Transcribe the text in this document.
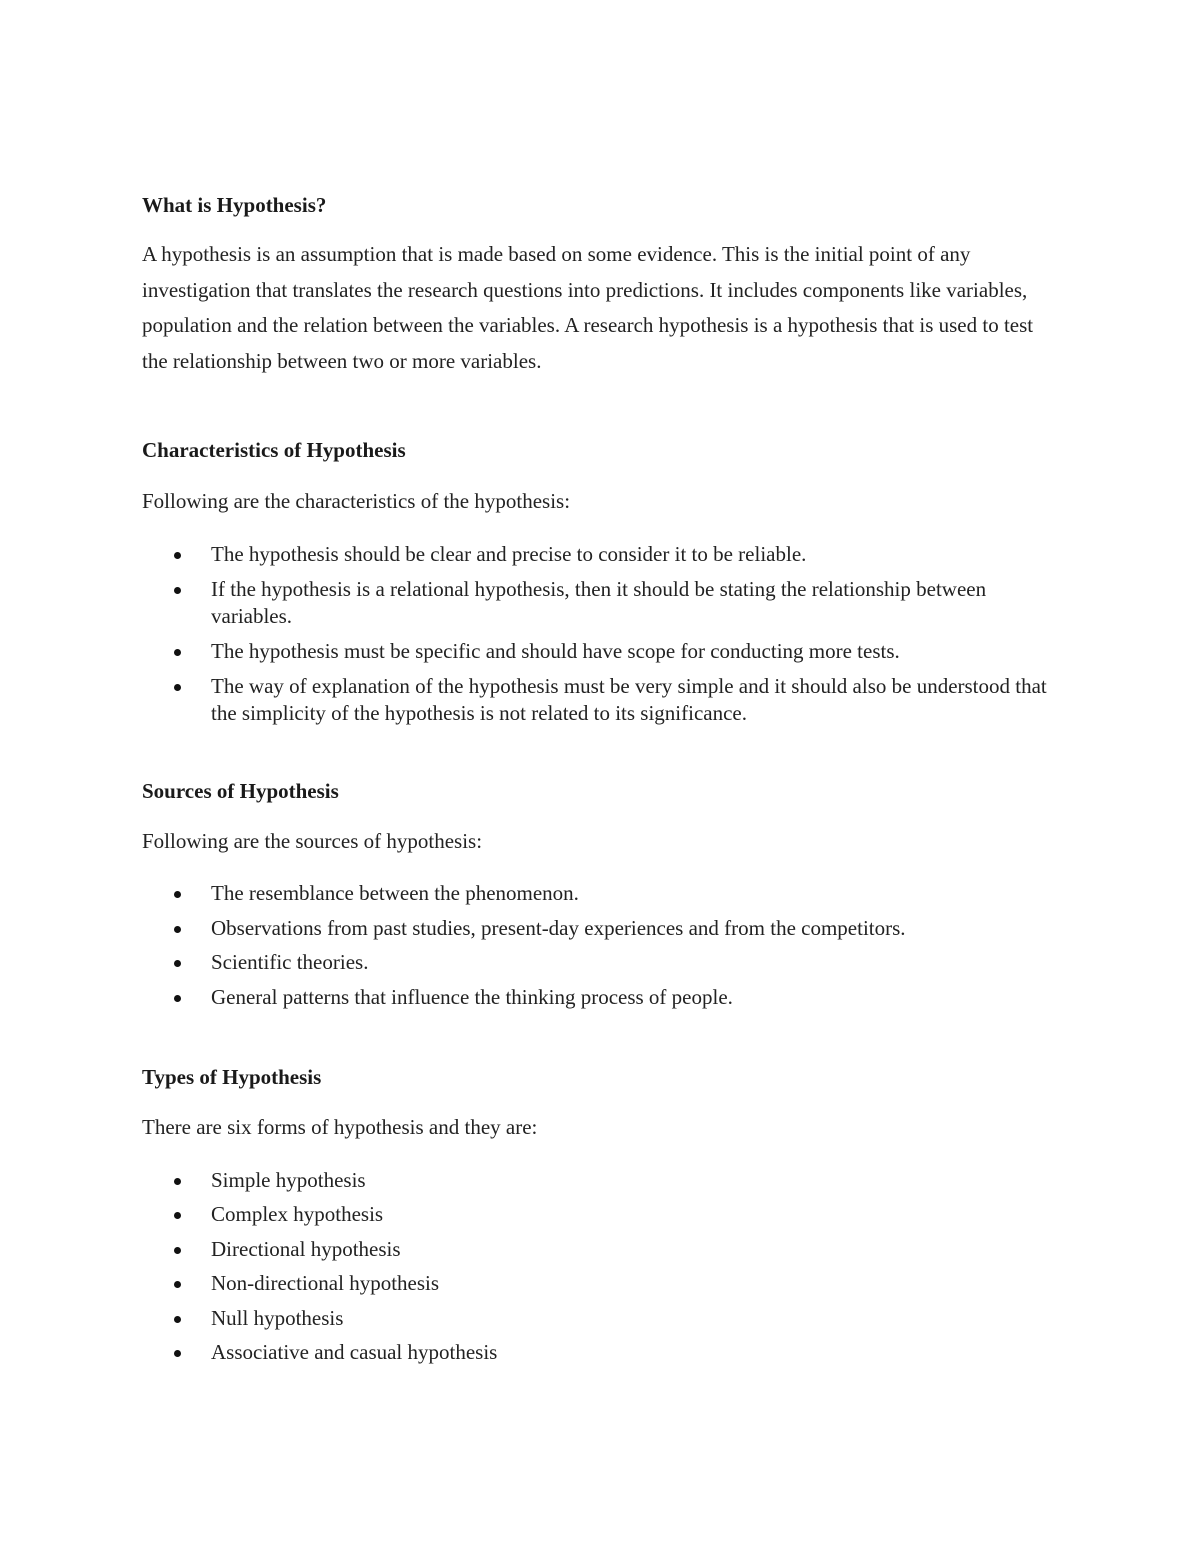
What is Hypothesis?

A hypothesis is an assumption that is made based on some evidence. This is the initial point of any investigation that translates the research questions into predictions. It includes components like variables, population and the relation between the variables. A research hypothesis is a hypothesis that is used to test the relationship between two or more variables.

Characteristics of Hypothesis

Following are the characteristics of the hypothesis:

The hypothesis should be clear and precise to consider it to be reliable.
If the hypothesis is a relational hypothesis, then it should be stating the relationship between variables.
The hypothesis must be specific and should have scope for conducting more tests.
The way of explanation of the hypothesis must be very simple and it should also be understood that the simplicity of the hypothesis is not related to its significance.
Sources of Hypothesis

Following are the sources of hypothesis:

The resemblance between the phenomenon.
Observations from past studies, present-day experiences and from the competitors.
Scientific theories.
General patterns that influence the thinking process of people.
Types of Hypothesis

There are six forms of hypothesis and they are:

Simple hypothesis
Complex hypothesis
Directional hypothesis
Non-directional hypothesis
Null hypothesis
Associative and casual hypothesis
